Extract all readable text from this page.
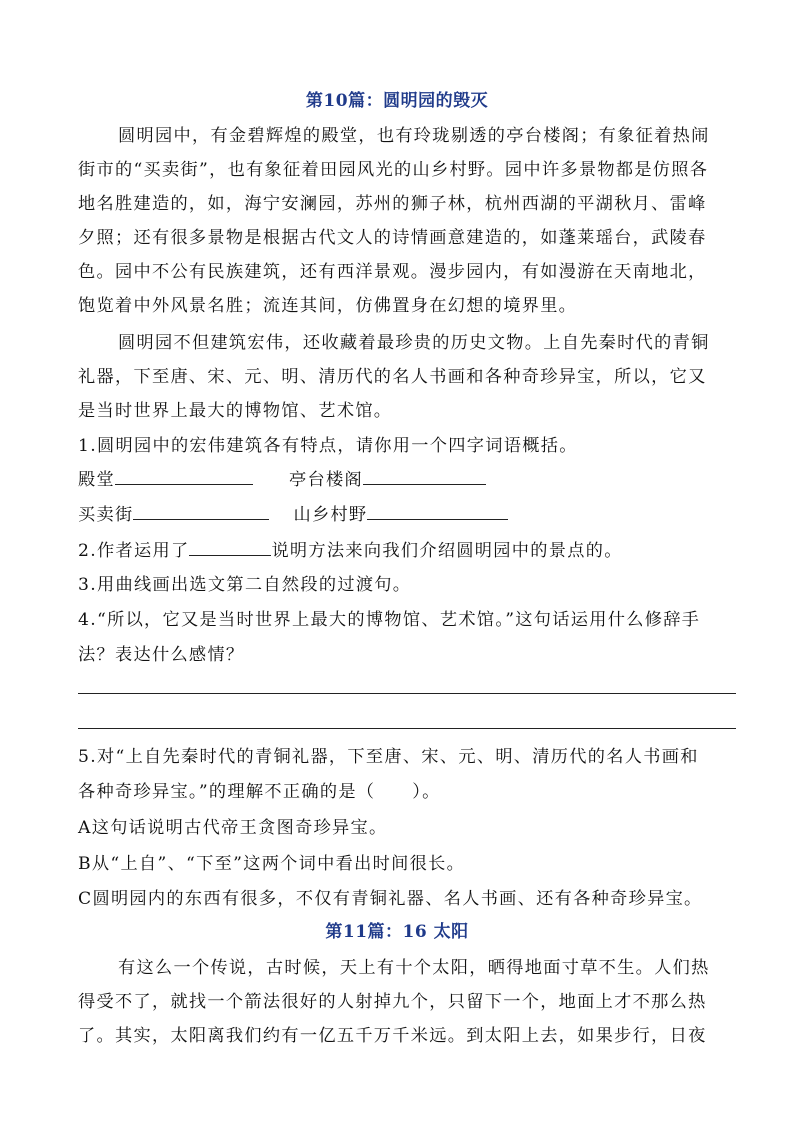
第10篇：圆明园的毁灭
圆明园中，有金碧辉煌的殿堂，也有玲珑剔透的亭台楼阁；有象征着热闹
街市的“买卖街”，也有象征着田园风光的山乡村野。园中许多景物都是仿照各
地名胜建造的，如，海宁安澜园，苏州的狮子林，杭州西湖的平湖秋月、雷峰
夕照；还有很多景物是根据古代文人的诗情画意建造的，如蓬莱瑶台，武陵春
色。园中不公有民族建筑，还有西洋景观。漫步园内，有如漫游在天南地北，
饱览着中外风景名胜；流连其间，仿佛置身在幻想的境界里。
圆明园不但建筑宏伟，还收藏着最珍贵的历史文物。上自先秦时代的青铜
礼器，下至唐、宋、元、明、清历代的名人书画和各种奇珍异宝，所以，它又
是当时世界上最大的博物馆、艺术馆。
1.圆明园中的宏伟建筑各有特点，请你用一个四字词语概括。
殿堂	亭台楼阁
买卖街	山乡村野
2.作者运用了	说明方法来向我们介绍圆明园中的景点的。
3.用曲线画出选文第二自然段的过渡句。
4.“所以，它又是当时世界上最大的博物馆、艺术馆。”这句话运用什么修辞手
法？表达什么感情？
5.对“上自先秦时代的青铜礼器，下至唐、宋、元、明、清历代的名人书画和
各种奇珍异宝。”的理解不正确的是（　　）。
A这句话说明古代帝王贪图奇珍异宝。
B从“上自”、“下至”这两个词中看出时间很长。
C圆明园内的东西有很多，不仅有青铜礼器、名人书画、还有各种奇珍异宝。
第11篇：16 太阳
有这么一个传说，古时候，天上有十个太阳，晒得地面寸草不生。人们热
得受不了，就找一个箭法很好的人射掉九个，只留下一个，地面上才不那么热
了。其实，太阳离我们约有一亿五千万千米远。到太阳上去，如果步行，日夜
